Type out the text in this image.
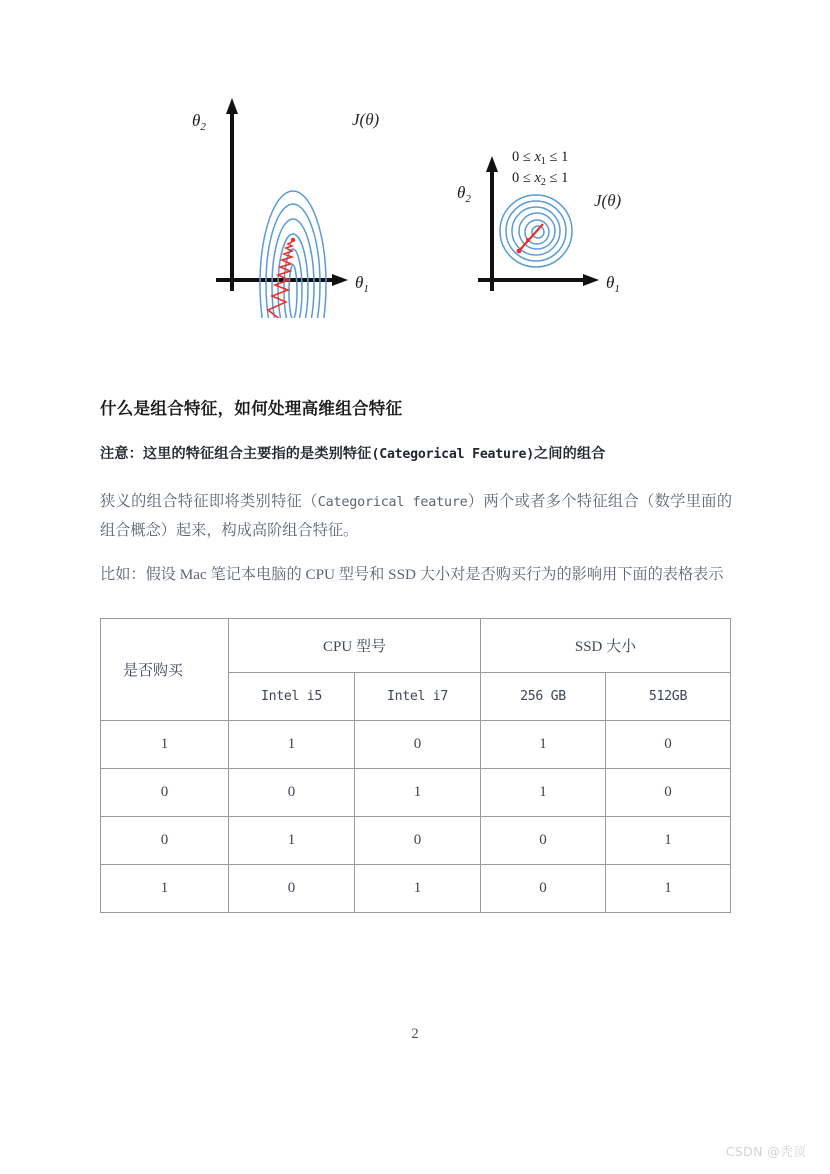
$\theta_2$
$\theta_1$
J(θ)
$\theta_2$
$\theta_1$
J(θ)
$0 \le x_1 \le 1$
$0 \le x_2 \le 1$
什么是组合特征，如何处理高维组合特征

注意：这里的特征组合主要指的是类别特征(Categorical Feature)之间的组合

狭义的组合特征即将类别特征（Categorical feature）两个或者多个特征组合（数学里面的组合概念）起来，构成高阶组合特征。

比如：假设 Mac 笔记本电脑的 CPU 型号和 SSD 大小对是否购买行为的影响用下面的表格表示

是否购买	CPU 型号		SSD 大小	
	Intel i5	Intel i7	256 GB	512GB
1	1	0	1	0
0	0	1	1	0
0	1	0	0	1
1	0	1	0	1
2
CSDN @秃顶
